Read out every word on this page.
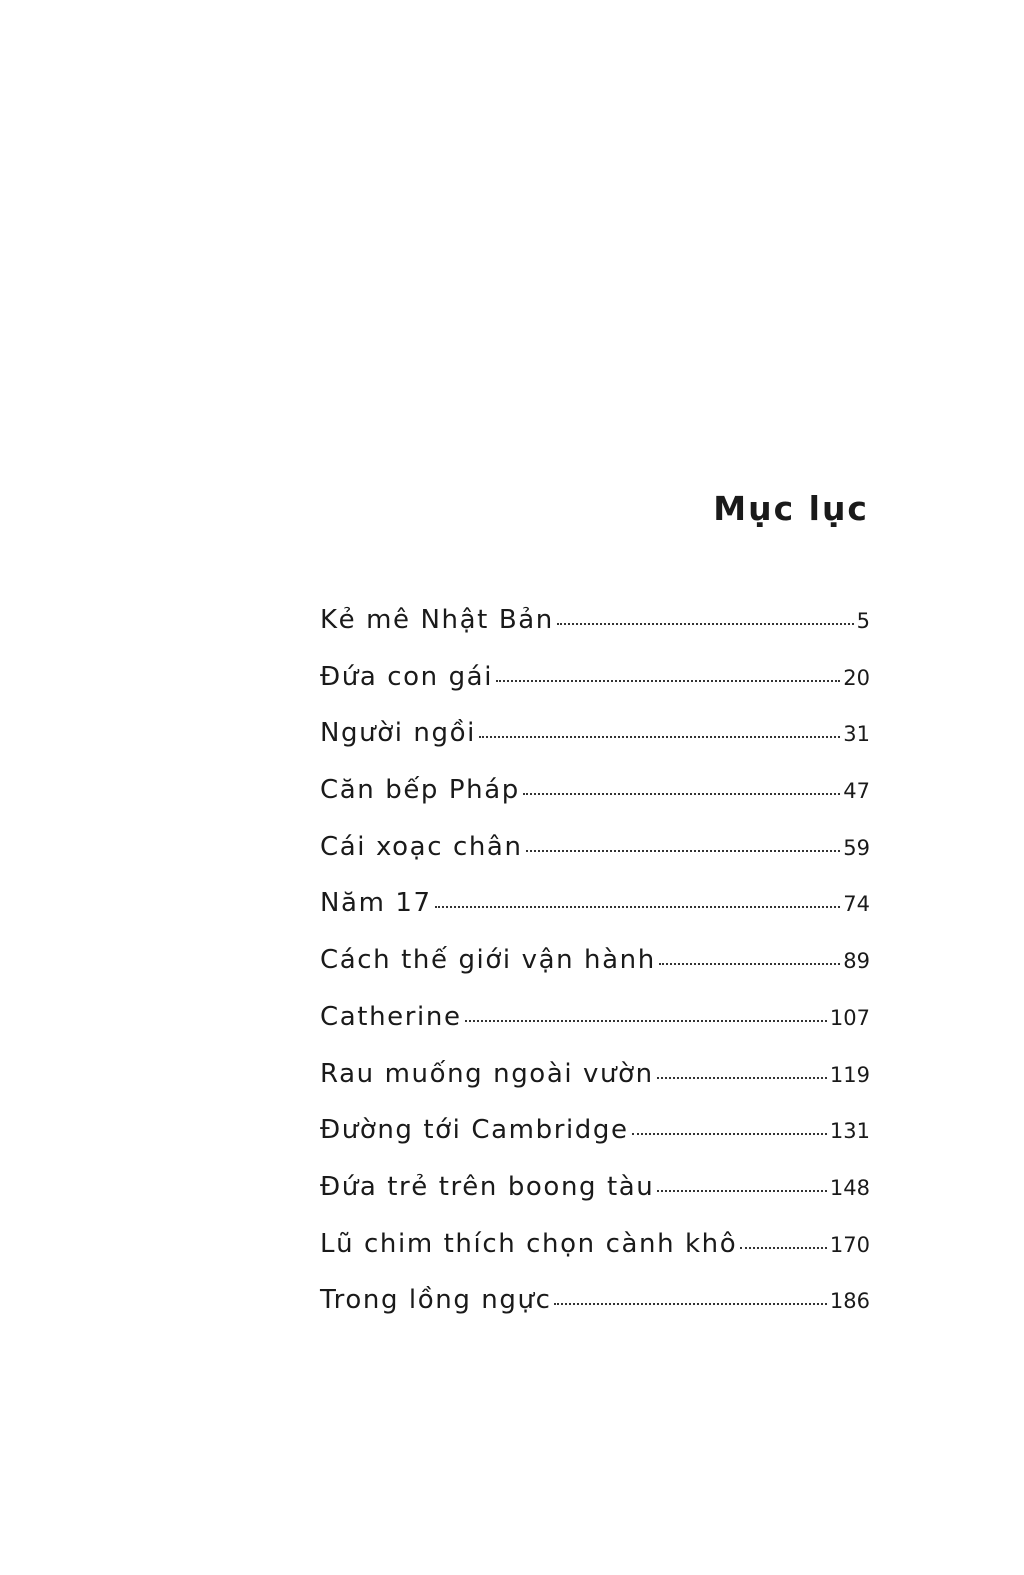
Mục lục
Kẻ mê Nhật Bản	5
Đứa con gái	20
Người ngồi	31
Căn bếp Pháp	47
Cái xoạc chân	59
Năm 17	74
Cách thế giới vận hành	89
Catherine	107
Rau muống ngoài vườn	119
Đường tới Cambridge	131
Đứa trẻ trên boong tàu	148
Lũ chim thích chọn cành khô	170
Trong lồng ngực	186
